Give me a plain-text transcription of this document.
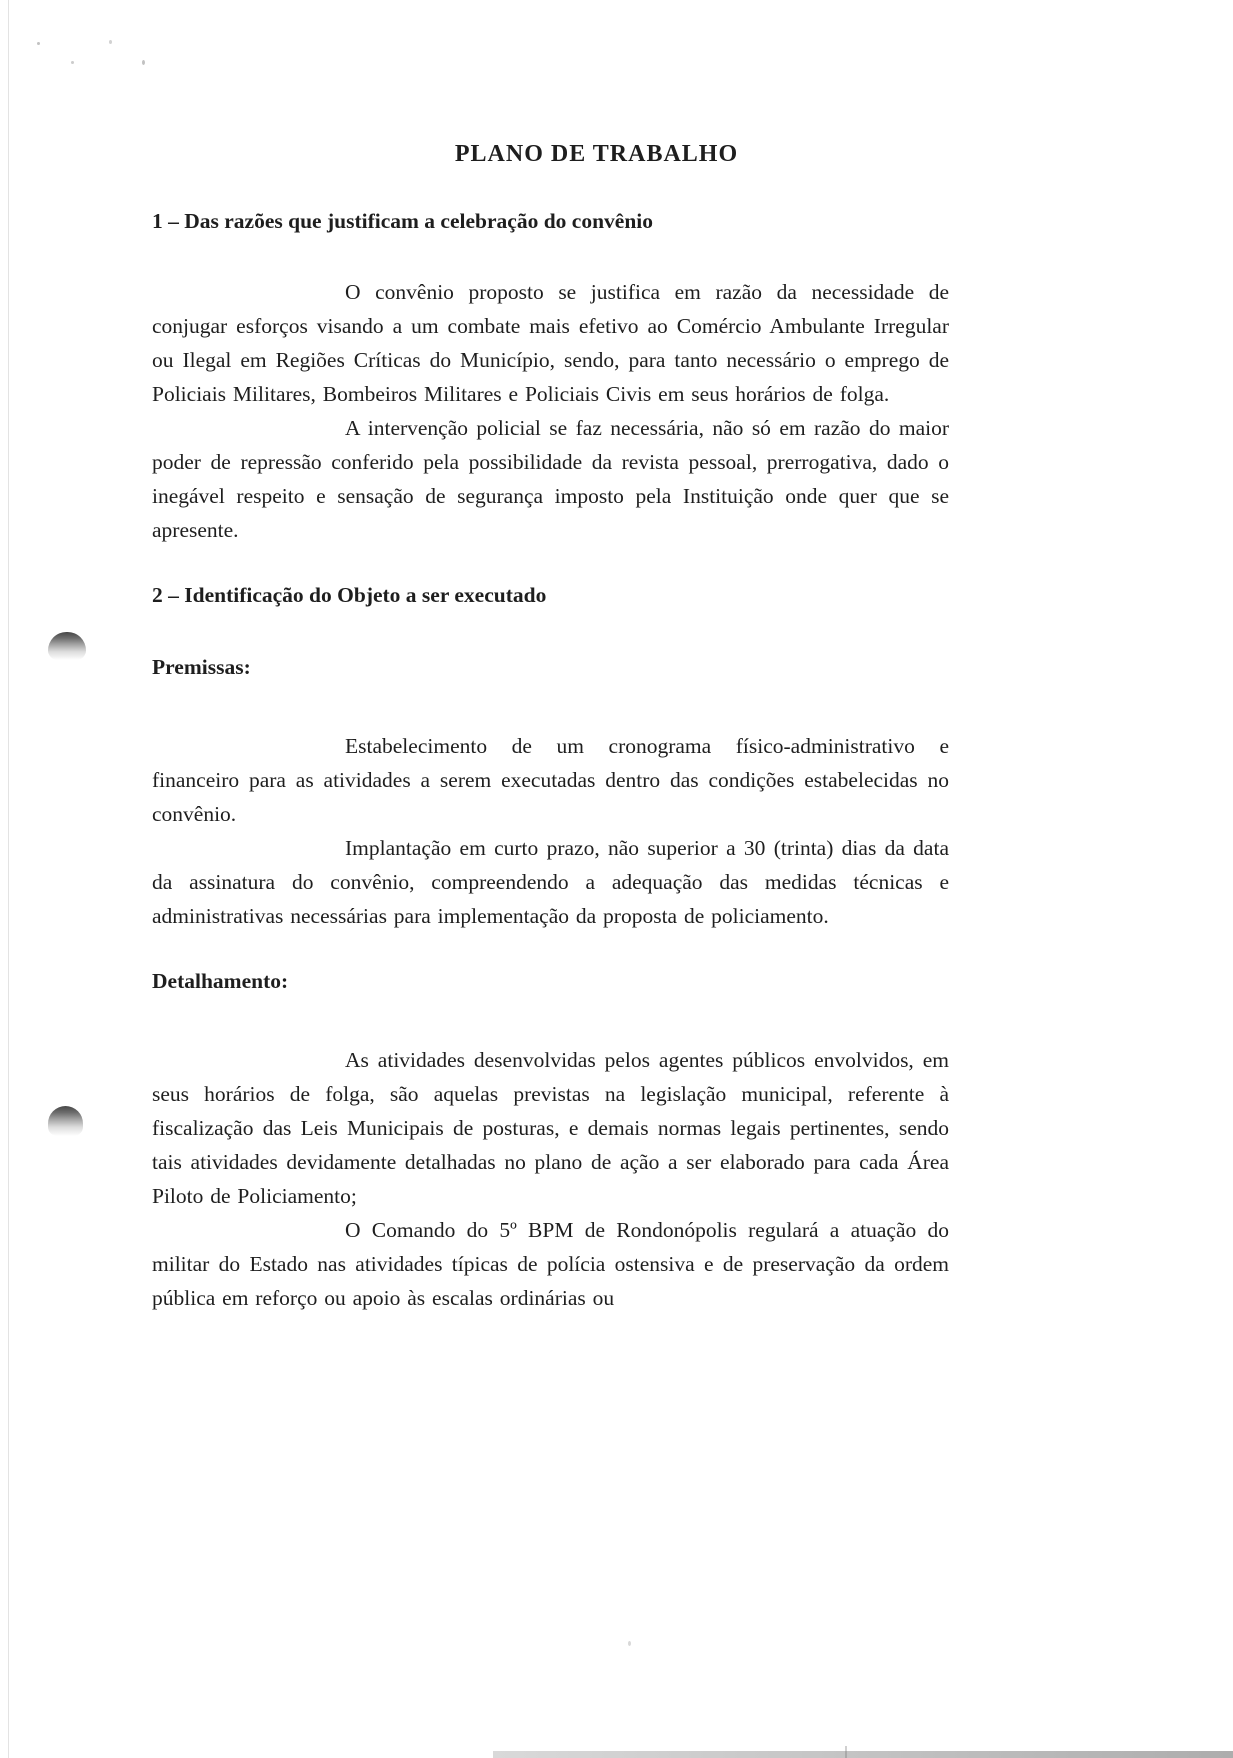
PLANO DE TRABALHO
1 – Das razões que justificam a celebração do convênio

O convênio proposto se justifica em razão da necessidade de conjugar esforços visando a um combate mais efetivo ao Comércio Ambulante Irregular ou Ilegal em Regiões Críticas do Município, sendo, para tanto necessário o emprego de Policiais Militares, Bombeiros Militares e Policiais Civis em seus horários de folga.

A intervenção policial se faz necessária, não só em razão do maior poder de repressão conferido pela possibilidade da revista pessoal, prerrogativa, dado o inegável respeito e sensação de segurança imposto pela Instituição onde quer que se apresente.

2 – Identificação do Objeto a ser executado
Premissas:

Estabelecimento de um cronograma físico-administrativo e financeiro para as atividades a serem executadas dentro das condições estabelecidas no convênio.

Implantação em curto prazo, não superior a 30 (trinta) dias da data da assinatura do convênio, compreendendo a adequação das medidas técnicas e administrativas necessárias para implementação da proposta de policiamento.

Detalhamento:

As atividades desenvolvidas pelos agentes públicos envolvidos, em seus horários de folga, são aquelas previstas na legislação municipal, referente à fiscalização das Leis Municipais de posturas, e demais normas legais pertinentes, sendo tais atividades devidamente detalhadas no plano de ação a ser elaborado para cada Área Piloto de Policiamento;

O Comando do 5º BPM de Rondonópolis regulará a atuação do militar do Estado nas atividades típicas de polícia ostensiva e de preservação da ordem pública em reforço ou apoio às escalas ordinárias ou
